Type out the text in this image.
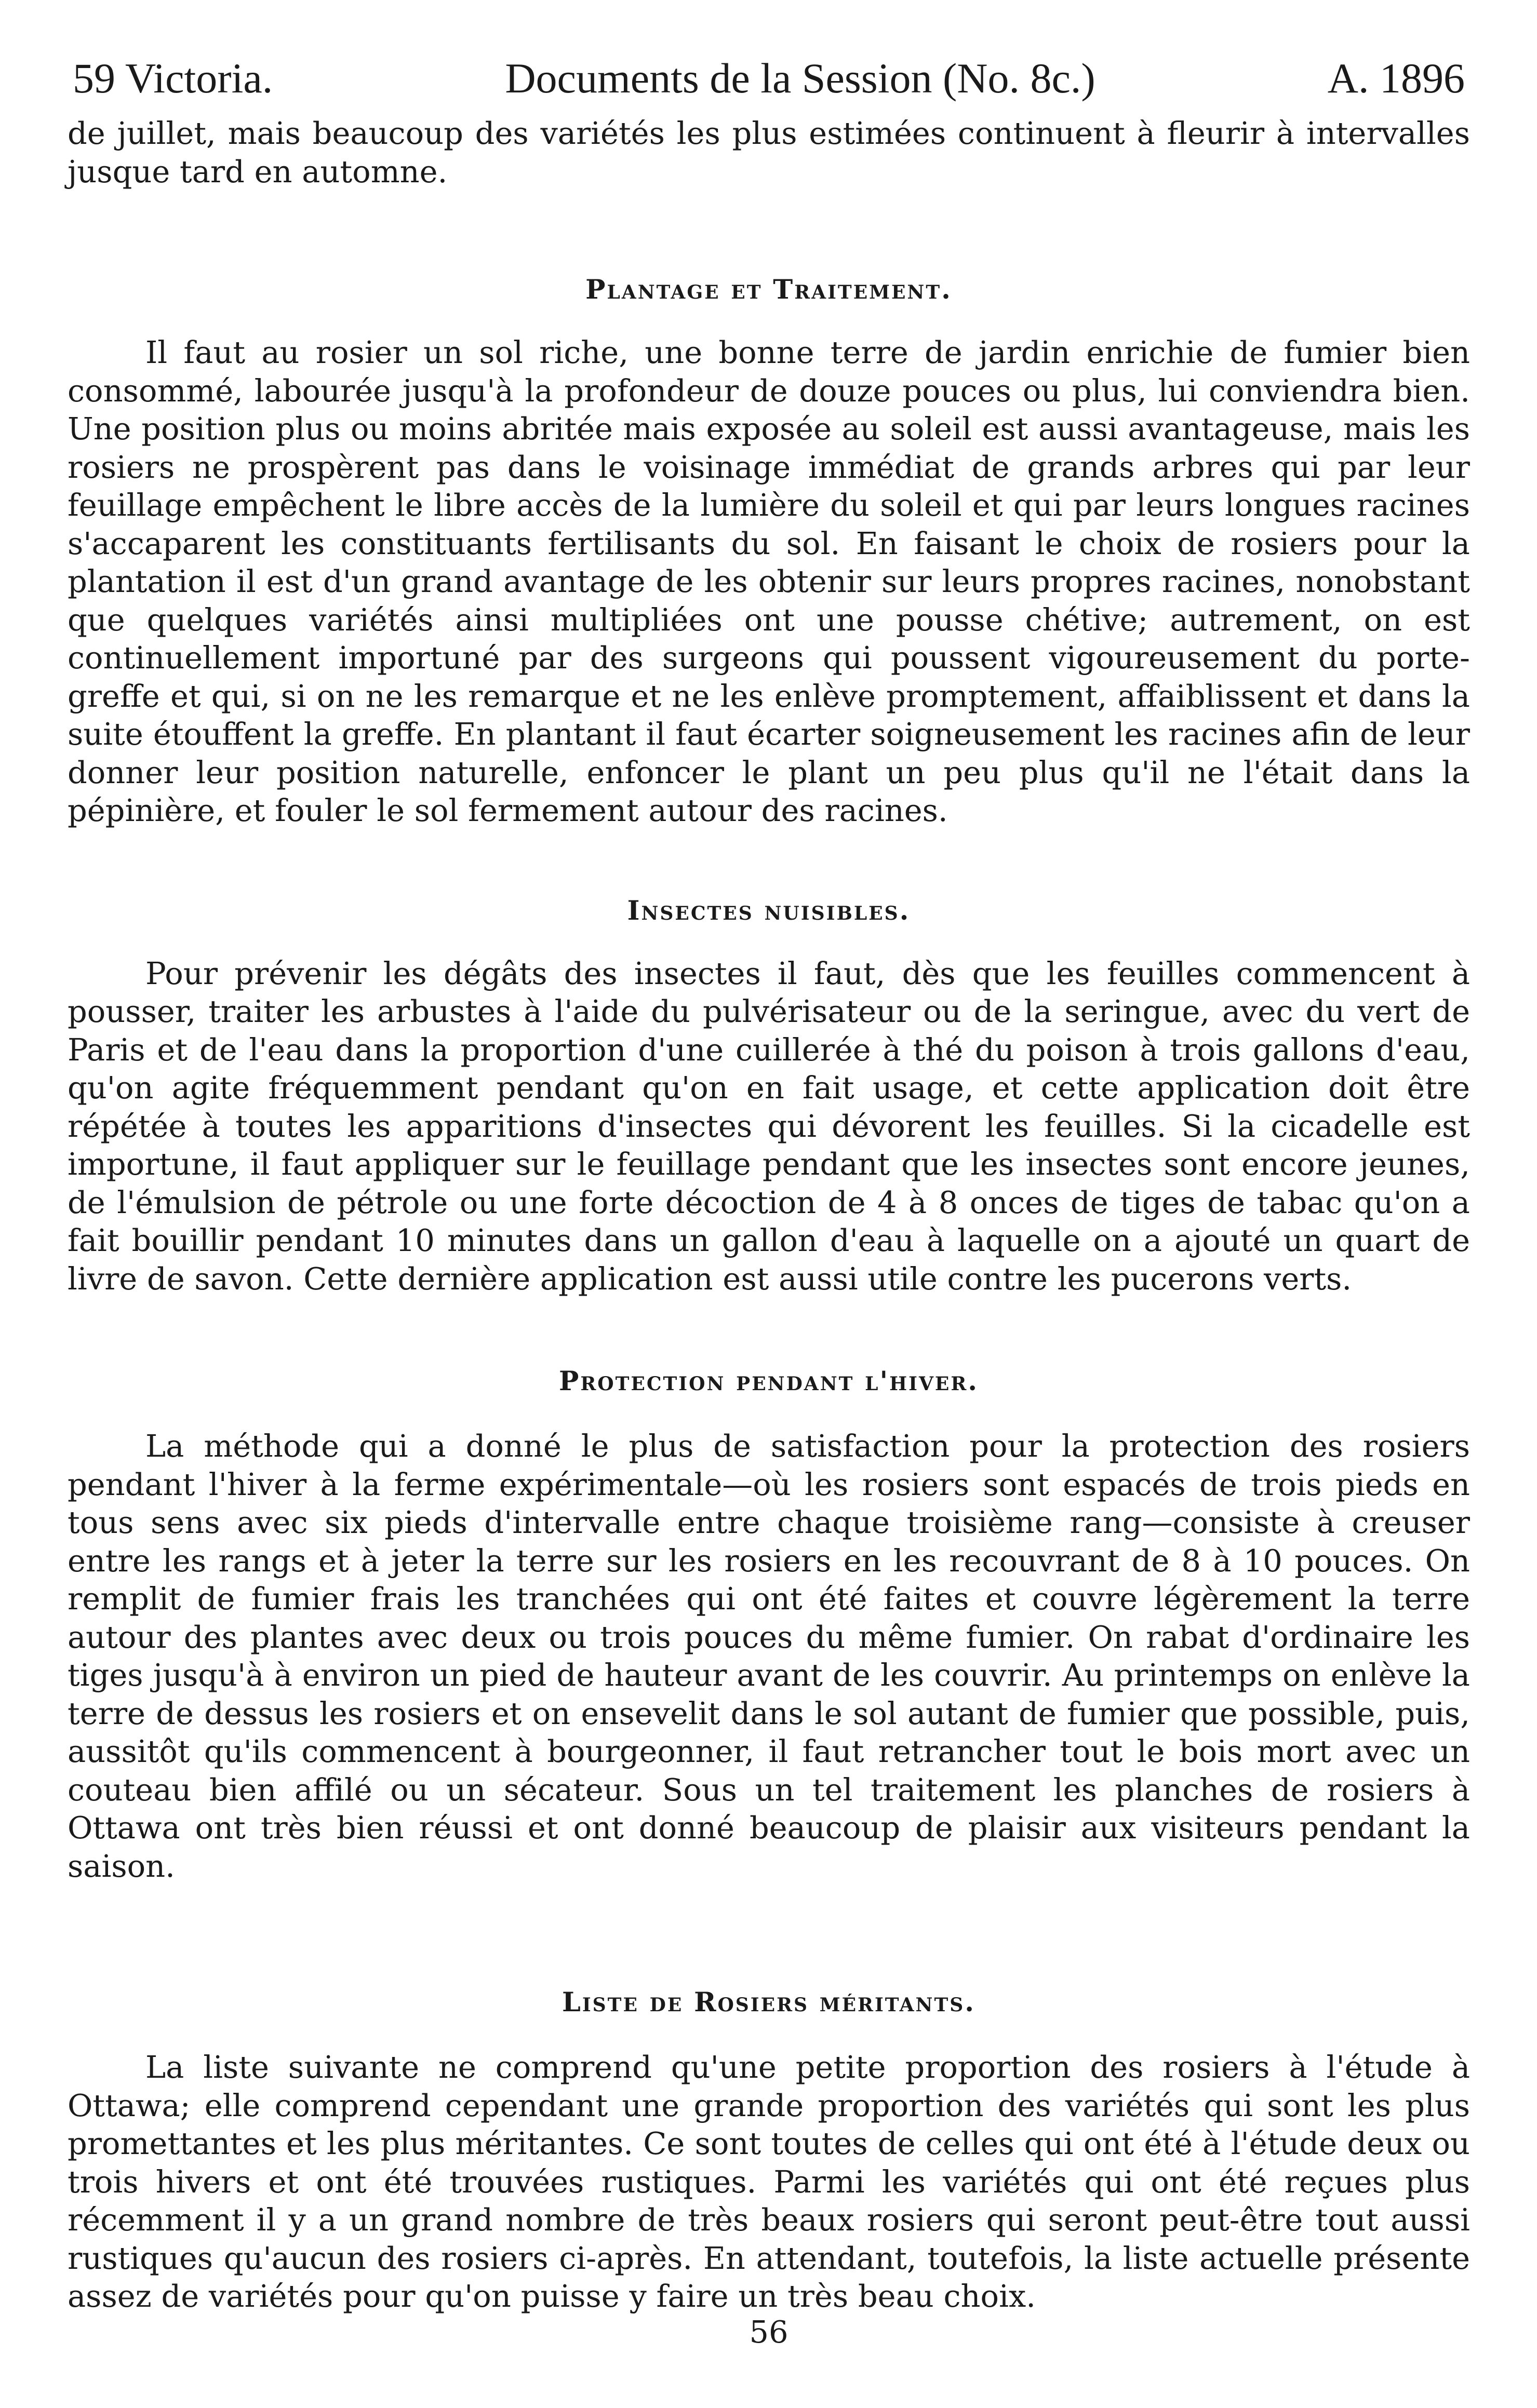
59 Victoria.	Documents de la Session (No. 8c.)	A. 1896

de juillet, mais beaucoup des variétés les plus estimées continuent à fleurir à intervalles jusque tard en automne.

Plantage et Traitement.

Il faut au rosier un sol riche, une bonne terre de jardin enrichie de fumier bien consommé, labourée jusqu'à la profondeur de douze pouces ou plus, lui conviendra bien. Une position plus ou moins abritée mais exposée au soleil est aussi avantageuse, mais les rosiers ne prospèrent pas dans le voisinage immédiat de grands arbres qui par leur feuillage empêchent le libre accès de la lumière du soleil et qui par leurs longues racines s'accaparent les constituants fertilisants du sol. En faisant le choix de rosiers pour la plantation il est d'un grand avantage de les obtenir sur leurs propres racines, nonobstant que quelques variétés ainsi multipliées ont une pousse chétive; autrement, on est continuellement importuné par des surgeons qui poussent vigoureusement du porte-greffe et qui, si on ne les remarque et ne les enlève promptement, affaiblissent et dans la suite étouffent la greffe. En plantant il faut écarter soigneusement les racines afin de leur donner leur position naturelle, enfoncer le plant un peu plus qu'il ne l'était dans la pépinière, et fouler le sol fermement autour des racines.

Insectes nuisibles.

Pour prévenir les dégâts des insectes il faut, dès que les feuilles commencent à pousser, traiter les arbustes à l'aide du pulvérisateur ou de la seringue, avec du vert de Paris et de l'eau dans la proportion d'une cuillerée à thé du poison à trois gallons d'eau, qu'on agite fréquemment pendant qu'on en fait usage, et cette application doit être répétée à toutes les apparitions d'insectes qui dévorent les feuilles. Si la cicadelle est importune, il faut appliquer sur le feuillage pendant que les insectes sont encore jeunes, de l'émulsion de pétrole ou une forte décoction de 4 à 8 onces de tiges de tabac qu'on a fait bouillir pendant 10 minutes dans un gallon d'eau à laquelle on a ajouté un quart de livre de savon. Cette dernière application est aussi utile contre les pucerons verts.

Protection pendant l'hiver.

La méthode qui a donné le plus de satisfaction pour la protection des rosiers pendant l'hiver à la ferme expérimentale—où les rosiers sont espacés de trois pieds en tous sens avec six pieds d'intervalle entre chaque troisième rang—consiste à creuser entre les rangs et à jeter la terre sur les rosiers en les recouvrant de 8 à 10 pouces. On remplit de fumier frais les tranchées qui ont été faites et couvre légèrement la terre autour des plantes avec deux ou trois pouces du même fumier. On rabat d'ordinaire les tiges jusqu'à à environ un pied de hauteur avant de les couvrir. Au printemps on enlève la terre de dessus les rosiers et on ensevelit dans le sol autant de fumier que possible, puis, aussitôt qu'ils commencent à bourgeonner, il faut retrancher tout le bois mort avec un couteau bien affilé ou un sécateur. Sous un tel traitement les planches de rosiers à Ottawa ont très bien réussi et ont donné beaucoup de plaisir aux visiteurs pendant la saison.

Liste de Rosiers méritants.

La liste suivante ne comprend qu'une petite proportion des rosiers à l'étude à Ottawa; elle comprend cependant une grande proportion des variétés qui sont les plus promettantes et les plus méritantes. Ce sont toutes de celles qui ont été à l'étude deux ou trois hivers et ont été trouvées rustiques. Parmi les variétés qui ont été reçues plus récemment il y a un grand nombre de très beaux rosiers qui seront peut-être tout aussi rustiques qu'aucun des rosiers ci-après. En attendant, toutefois, la liste actuelle présente assez de variétés pour qu'on puisse y faire un très beau choix.

56
